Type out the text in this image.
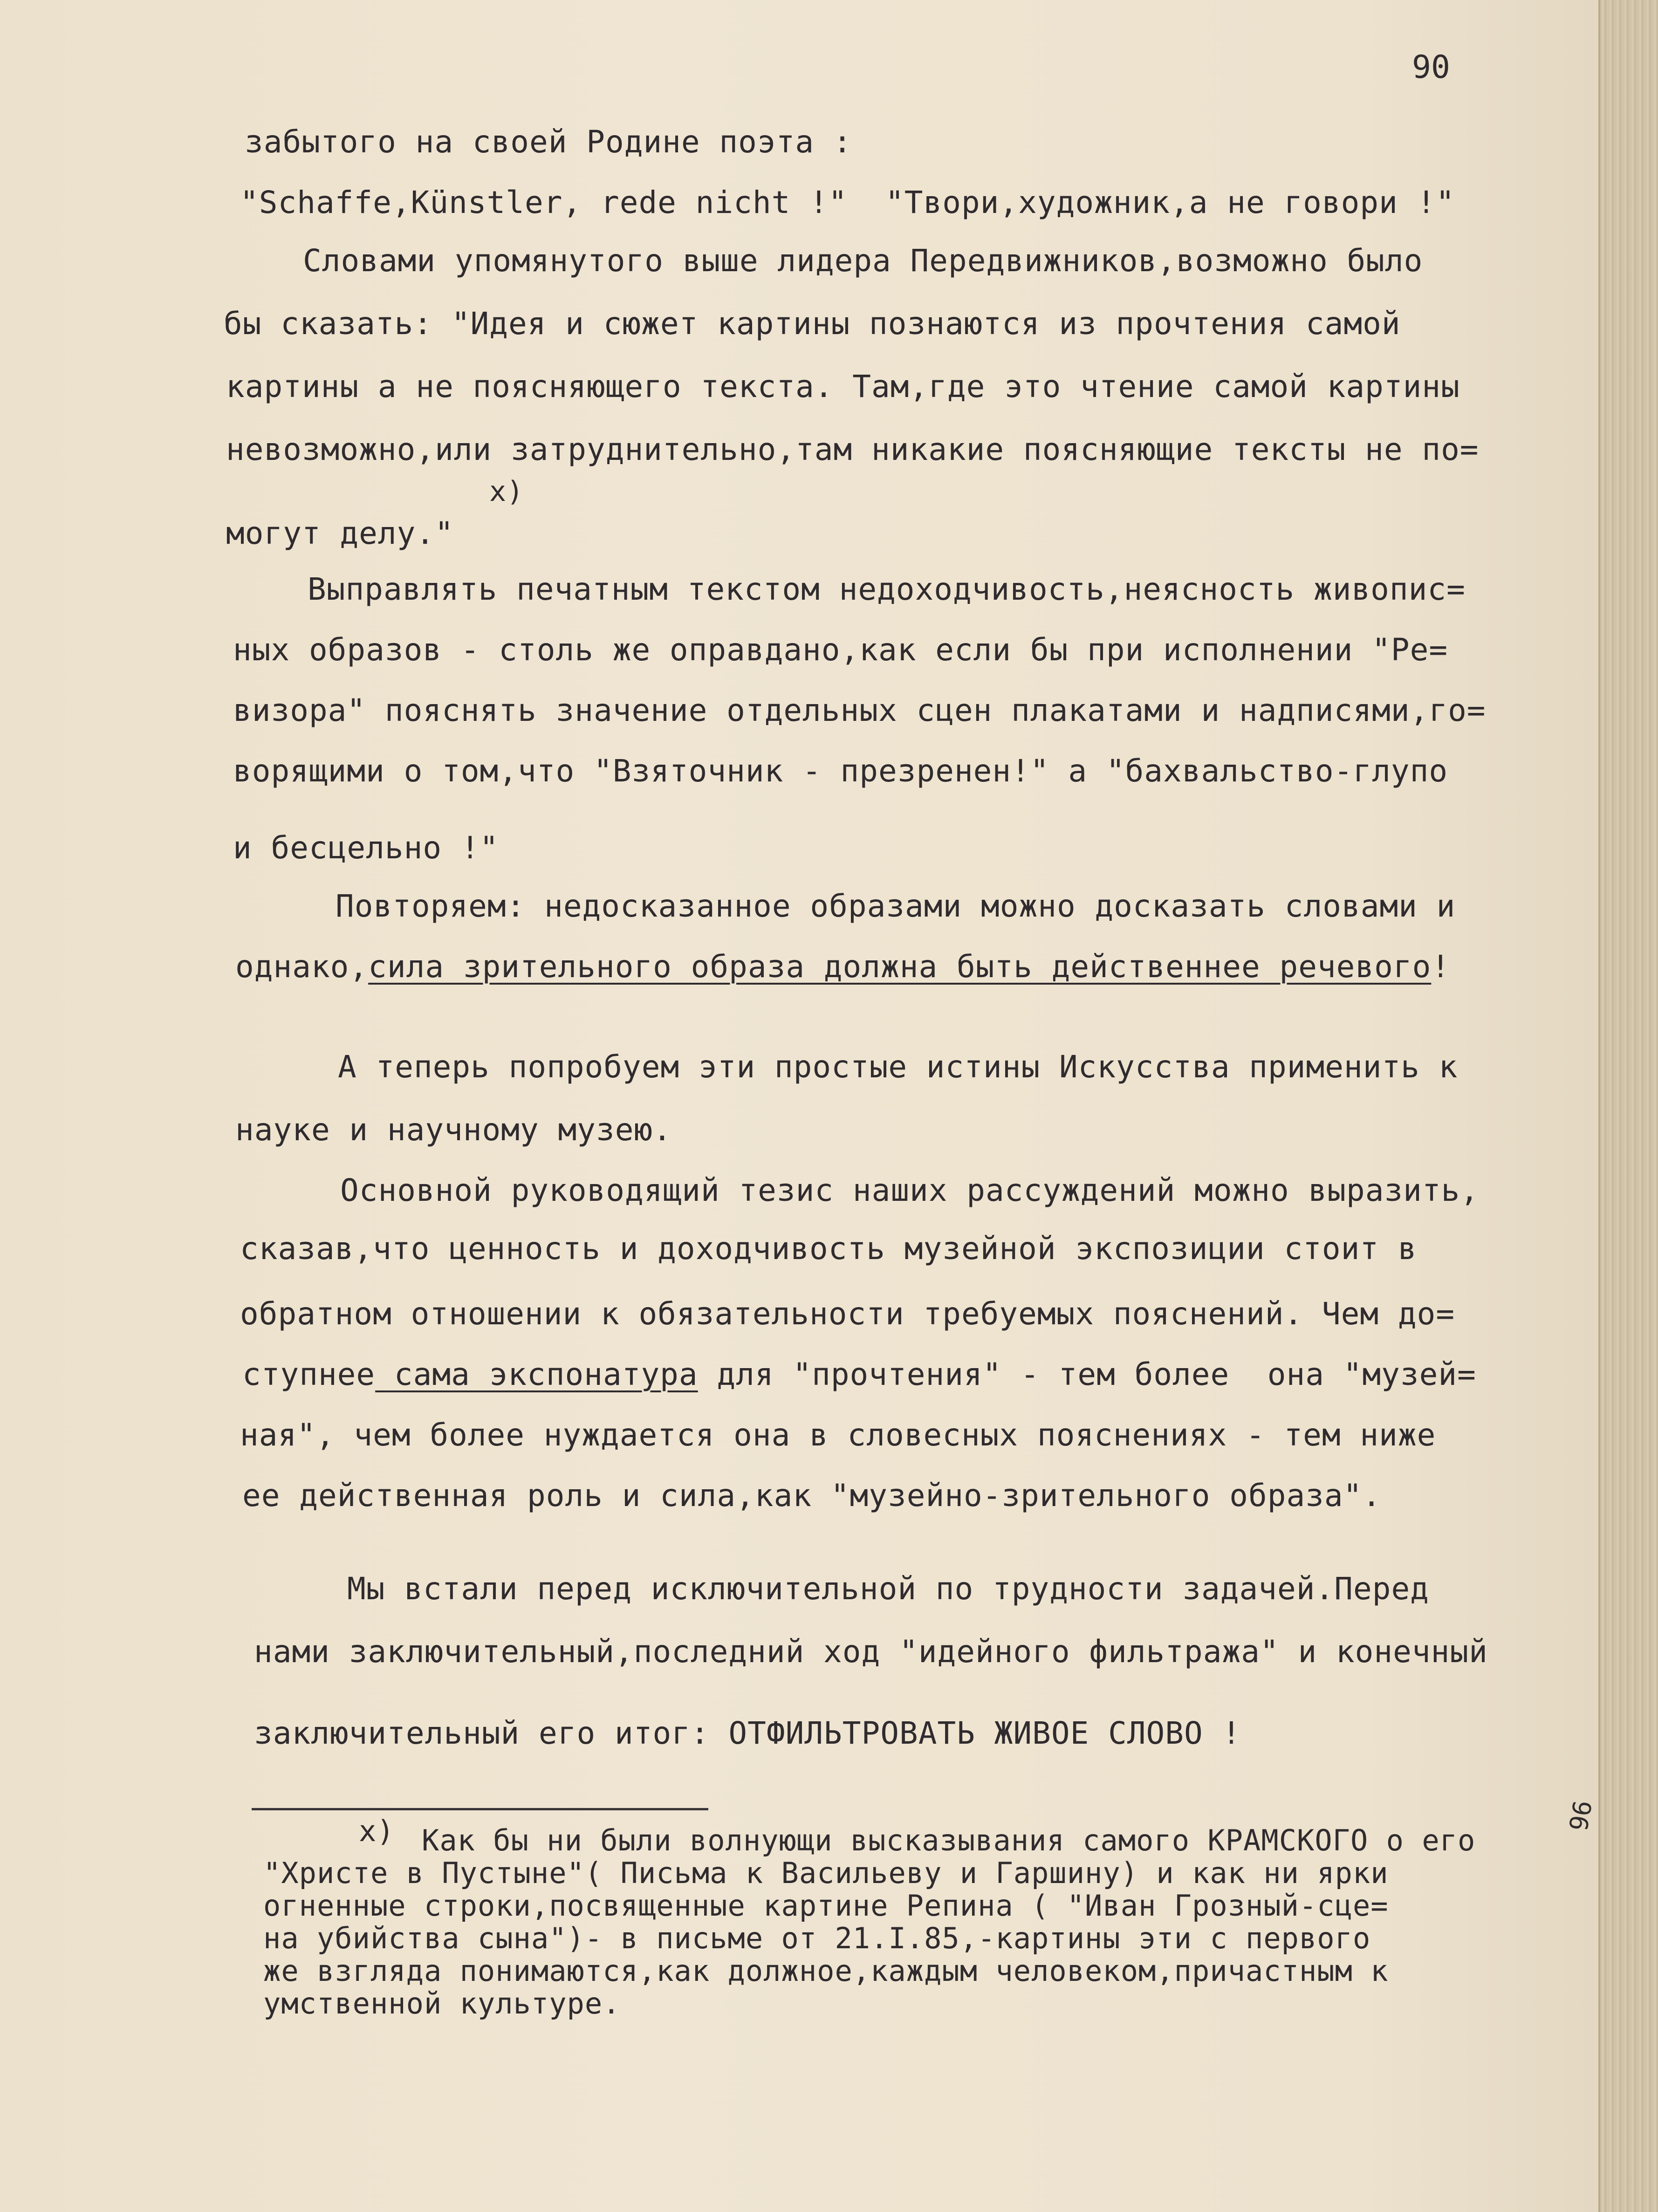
90
забытого на своей Родине поэта :
"Schaffe,Künstler, rede nicht !"  "Твори,художник,а не говори !"
Словами упомянутого выше лидера Передвижников,возможно было
бы сказать: "Идея и сюжет картины познаются из прочтения самой
картины а не поясняющего текста. Там,где это чтение самой картины
невозможно,или затруднительно,там никакие поясняющие тексты не по=
x)
могут делу."
Выправлять печатным текстом недоходчивость,неясность живопис=
ных образов - столь же оправдано,как если бы при исполнении "Ре=
визора" пояснять значение отдельных сцен плакатами и надписями,го=
ворящими о том,что "Взяточник - презренен!" а "бахвальство-глупо
и бесцельно !"
Повторяем: недосказанное образами можно досказать словами и
однако,сила зрительного образа должна быть действеннее речевого!
А теперь попробуем эти простые истины Искусства применить к
науке и научному музею.
Основной руководящий тезис наших рассуждений можно выразить,
сказав,что ценность и доходчивость музейной экспозиции стоит в
обратном отношении к обязательности требуемых пояснений. Чем до=
ступнее сама экспонатура для "прочтения" - тем более  она "музей=
ная", чем более нуждается она в словесных пояснениях - тем ниже
ее действенная роль и сила,как "музейно-зрительного образа".
Мы встали перед исключительной по трудности задачей.Перед
нами заключительный,последний ход "идейного фильтража" и конечный
заключительный его итог: ОТФИЛЬТРОВАТЬ ЖИВОЕ СЛОВО !
x) Как бы ни были волнующи высказывания самого КРАМСКОГО о его
"Христе в Пустыне"( Письма к Васильеву и Гаршину) и как ни ярки
огненные строки,посвященные картине Репина ( "Иван Грозный-сце=
на убийства сына")- в письме от 21.I.85,-картины эти с первого
же взгляда понимаются,как должное,каждым человеком,причастным к
умственной культуре.
96
